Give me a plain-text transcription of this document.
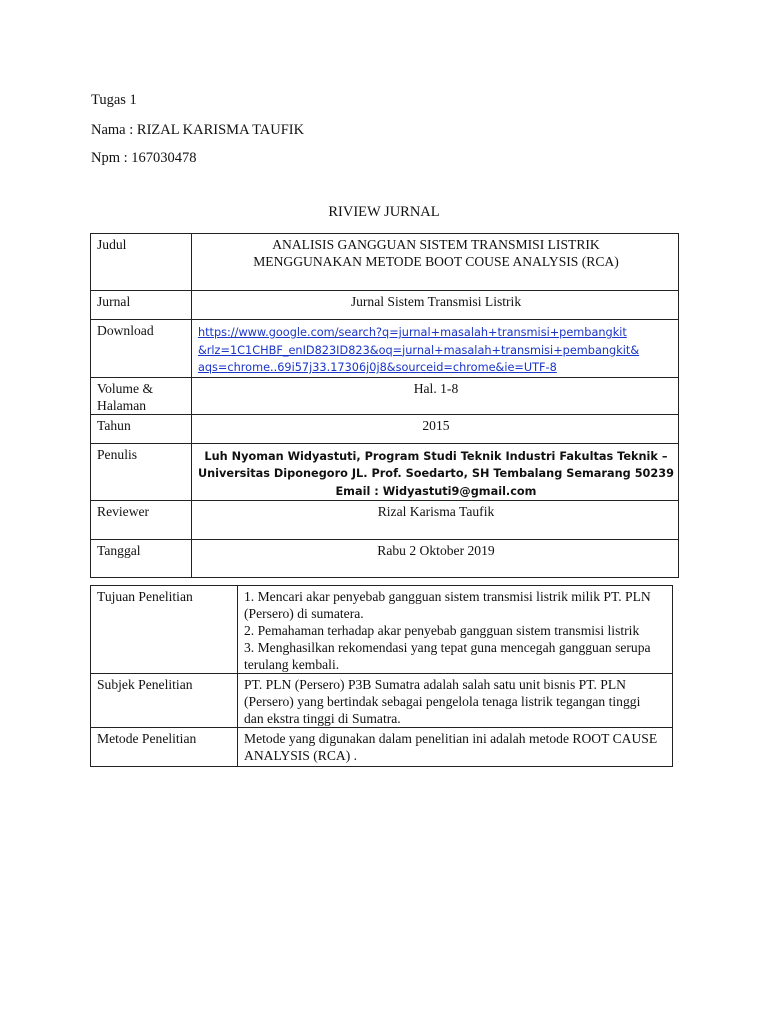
Tugas 1
Nama : RIZAL KARISMA TAUFIK
Npm : 167030478
RIVIEW JURNAL
Judul	ANALISIS GANGGUAN SISTEM TRANSMISI LISTRIK
MENGGUNAKAN METODE BOOT COUSE ANALYSIS (RCA)

Jurnal	Jurnal Sistem Transmisi Listrik
Download	https://www.google.com/search?q=jurnal+masalah+transmisi+pembangkit
&rlz=1C1CHBF_enID823ID823&oq=jurnal+masalah+transmisi+pembangkit&
aqs=chrome..69i57j33.17306j0j8&sourceid=chrome&ie=UTF-8

Volume & Halaman	Hal. 1-8
Tahun	2015
Penulis	Luh Nyoman Widyastuti, Program Studi Teknik Industri Fakultas Teknik –
Universitas Diponegoro JL. Prof. Soedarto, SH Tembalang Semarang 50239
Email : Widyastuti9@gmail.com

Reviewer	Rizal Karisma Taufik
Tanggal	Rabu 2 Oktober 2019
Tujuan Penelitian	1. Mencari akar penyebab gangguan sistem transmisi listrik milik PT. PLN
(Persero) di sumatera.
2. Pemahaman terhadap akar penyebab gangguan sistem transmisi listrik
3. Menghasilkan rekomendasi yang tepat guna mencegah gangguan serupa
terulang kembali.

Subjek Penelitian	PT. PLN (Persero) P3B Sumatra adalah salah satu unit bisnis PT. PLN
(Persero) yang bertindak sebagai pengelola tenaga listrik tegangan tinggi
dan ekstra tinggi di Sumatra.

Metode Penelitian	Metode yang digunakan dalam penelitian ini adalah metode ROOT CAUSE
ANALYSIS (RCA) .
